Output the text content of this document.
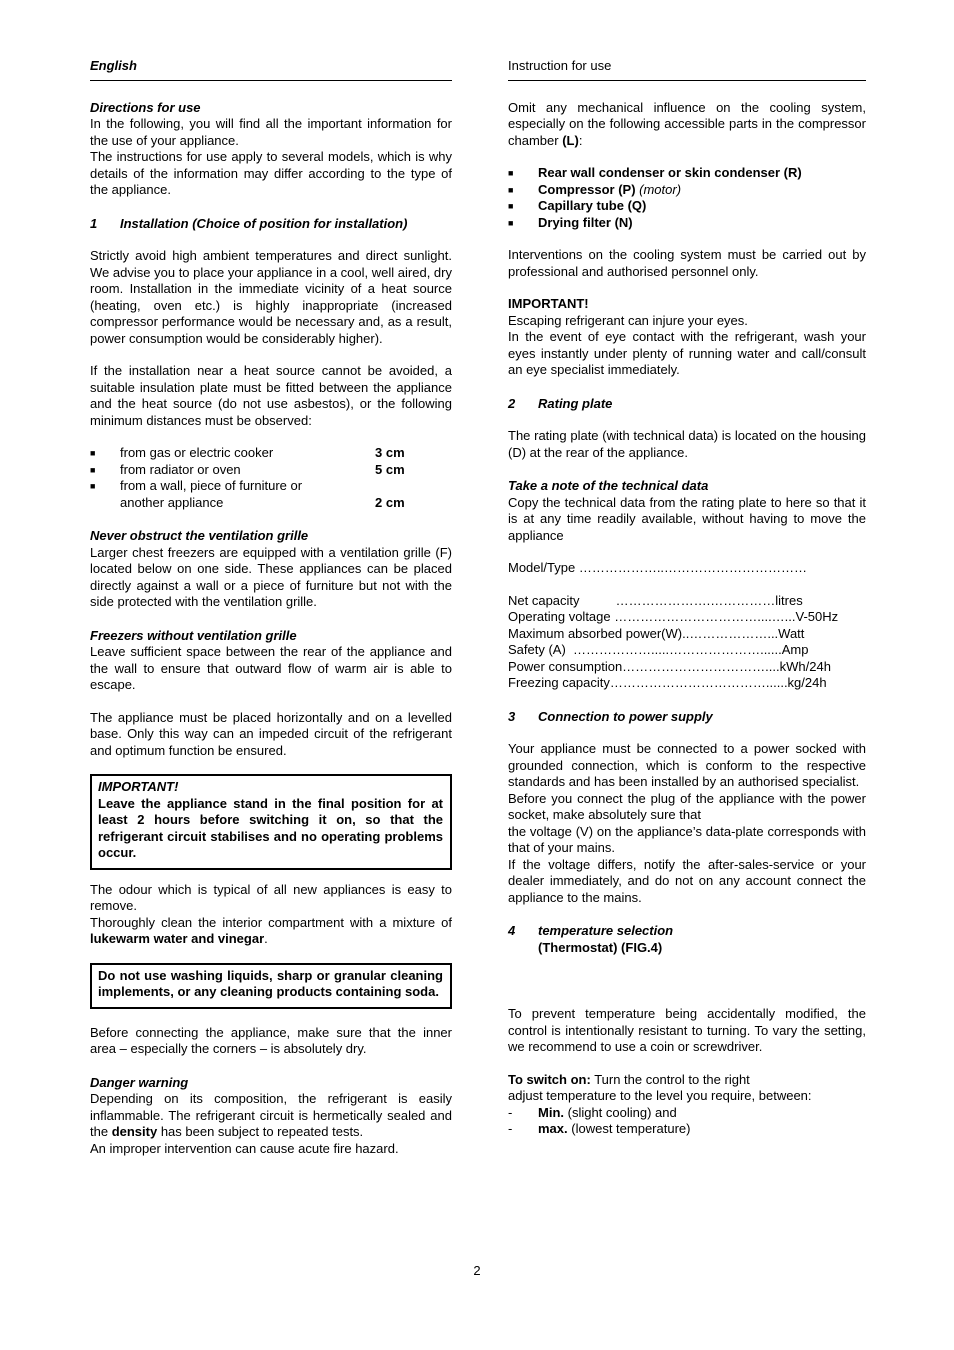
English
Directions for use
In the following, you will find all the important information for the use of your appliance.
The instructions for use apply to several models, which is why details of the information may differ according to the type of the appliance.
1 Installation (Choice of position for installation)
Strictly avoid high ambient temperatures and direct sunlight. We advise you to place your appliance in a cool, well aired, dry room. Installation in the immediate vicinity of a heat source (heating, oven etc.) is highly inappropriate (increased compressor performance would be necessary and, as a result, power consumption would be considerably higher).
If the installation near a heat source cannot be avoided, a suitable insulation plate must be fitted between the appliance and the heat source (do not use asbestos), or the following minimum distances must be observed:
■	from gas or electric cooker	3 cm
■	from radiator or oven	5 cm
■	from a wall, piece of furniture or
another appliance	2 cm
Never obstruct the ventilation grille
Larger chest freezers are equipped with a ventilation grille (F) located below on one side. These appliances can be placed directly against a wall or a piece of furniture but not with the side protected with the ventilation grille.
Freezers without ventilation grille
Leave sufficient space between the rear of the appliance and the wall to ensure that outward flow of warm air is able to escape.
The appliance must be placed horizontally and on a levelled base. Only this way can an impeded circuit of the refrigerant and optimum function be ensured.
IMPORTANT!
Leave the appliance stand in the final position for at least 2 hours before switching it on, so that the refrigerant circuit stabilises and no operating problems occur.
The odour which is typical of all new appliances is easy to remove.
Thoroughly clean the interior compartment with a mixture of lukewarm water and vinegar.
Do not use washing liquids, sharp or granular cleaning implements, or any cleaning products containing soda.
Before connecting the appliance, make sure that the inner area – especially the corners – is absolutely dry.
Danger warning
Depending on its composition, the refrigerant is easily inflammable. The refrigerant circuit is hermetically sealed and the density has been subject to repeated tests.
An improper intervention can cause acute fire hazard.
Instruction for use
Omit any mechanical influence on the cooling system, especially on the following accessible parts in the compressor chamber (L):
■	Rear wall condenser or skin condenser (R)
■	Compressor (P) (motor)
■	Capillary tube (Q)
■	Drying filter (N)
Interventions on the cooling system must be carried out by professional and authorised personnel only.
IMPORTANT!
Escaping refrigerant can injure your eyes.
In the event of eye contact with the refrigerant, wash your eyes instantly under plenty of running water and call/consult an eye specialist immediately.
2 Rating plate
The rating plate (with technical data) is located on the housing (D) at the rear of the appliance.
Take a note of the technical data
Copy the technical data from the rating plate to here so that it is at any time readily available, without having to move the appliance
Model/Type ………………..……………………………
Net capacity          ………………….……………litres
Operating voltage ……………………………....…...V-50Hz
Maximum absorbed power(W)..………………...Watt
Safety (A)  ……………….....…………………......Amp
Power consumption……………………………....kWh/24h
Freezing capacity………………………………......kg/24h
3 Connection to power supply
Your appliance must be connected to a power socked with grounded connection, which is conform to the respective standards and has been installed by an authorised specialist.
Before you connect the plug of the appliance with the power socket, make absolutely sure that
the voltage (V) on the appliance’s data-plate corresponds with that of your mains.
If the voltage differs, notify the after-sales-service or your dealer immediately, and do not on any account connect the appliance to the mains.
4 temperature selection
(Thermostat) (FIG.4)
To prevent temperature being accidentally modified, the control is intentionally resistant to turning. To vary the setting, we recommend to use a coin or screwdriver.
To switch on: Turn the control to the right
adjust temperature to the level you require, between:
-	Min. (slight cooling) and
-	max. (lowest temperature)
2
